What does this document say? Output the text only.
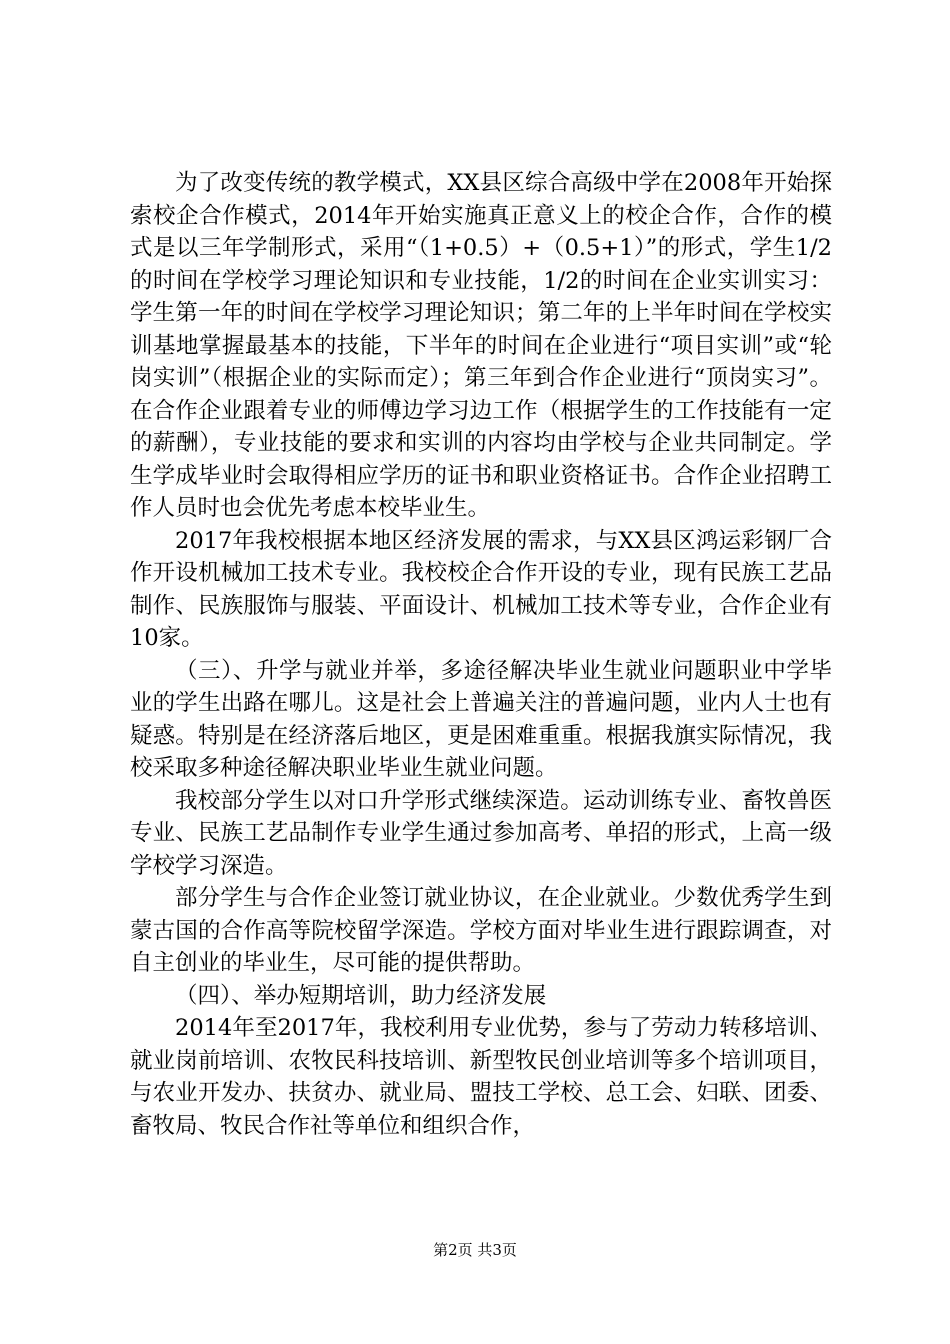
为了改变传统的教学模式，XX县区综合高级中学在2008年开始探索校企合作模式，2014年开始实施真正意义上的校企合作，合作的模式是以三年学制形式，采用“（1+0.5）+（0.5+1）”的形式，学生1/2的时间在学校学习理论知识和专业技能，1/2的时间在企业实训实习：学生第一年的时间在学校学习理论知识；第二年的上半年时间在学校实训基地掌握最基本的技能，下半年的时间在企业进行“项目实训”或“轮岗实训”（根据企业的实际而定）；第三年到合作企业进行“顶岗实习”。在合作企业跟着专业的师傅边学习边工作（根据学生的工作技能有一定的薪酬），专业技能的要求和实训的内容均由学校与企业共同制定。学生学成毕业时会取得相应学历的证书和职业资格证书。合作企业招聘工作人员时也会优先考虑本校毕业生。

2017年我校根据本地区经济发展的需求，与XX县区鸿运彩钢厂合作开设机械加工技术专业。我校校企合作开设的专业，现有民族工艺品制作、民族服饰与服装、平面设计、机械加工技术等专业，合作企业有10家。

（三）、升学与就业并举，多途径解决毕业生就业问题职业中学毕业的学生出路在哪儿。这是社会上普遍关注的普遍问题，业内人士也有疑惑。特别是在经济落后地区，更是困难重重。根据我旗实际情况，我校采取多种途径解决职业毕业生就业问题。

我校部分学生以对口升学形式继续深造。运动训练专业、畜牧兽医专业、民族工艺品制作专业学生通过参加高考、单招的形式，上高一级学校学习深造。

部分学生与合作企业签订就业协议，在企业就业。少数优秀学生到蒙古国的合作高等院校留学深造。学校方面对毕业生进行跟踪调查，对自主创业的毕业生，尽可能的提供帮助。

（四）、举办短期培训，助力经济发展

2014年至2017年，我校利用专业优势，参与了劳动力转移培训、就业岗前培训、农牧民科技培训、新型牧民创业培训等多个培训项目，与农业开发办、扶贫办、就业局、盟技工学校、总工会、妇联、团委、畜牧局、牧民合作社等单位和组织合作，

第2页 共3页
